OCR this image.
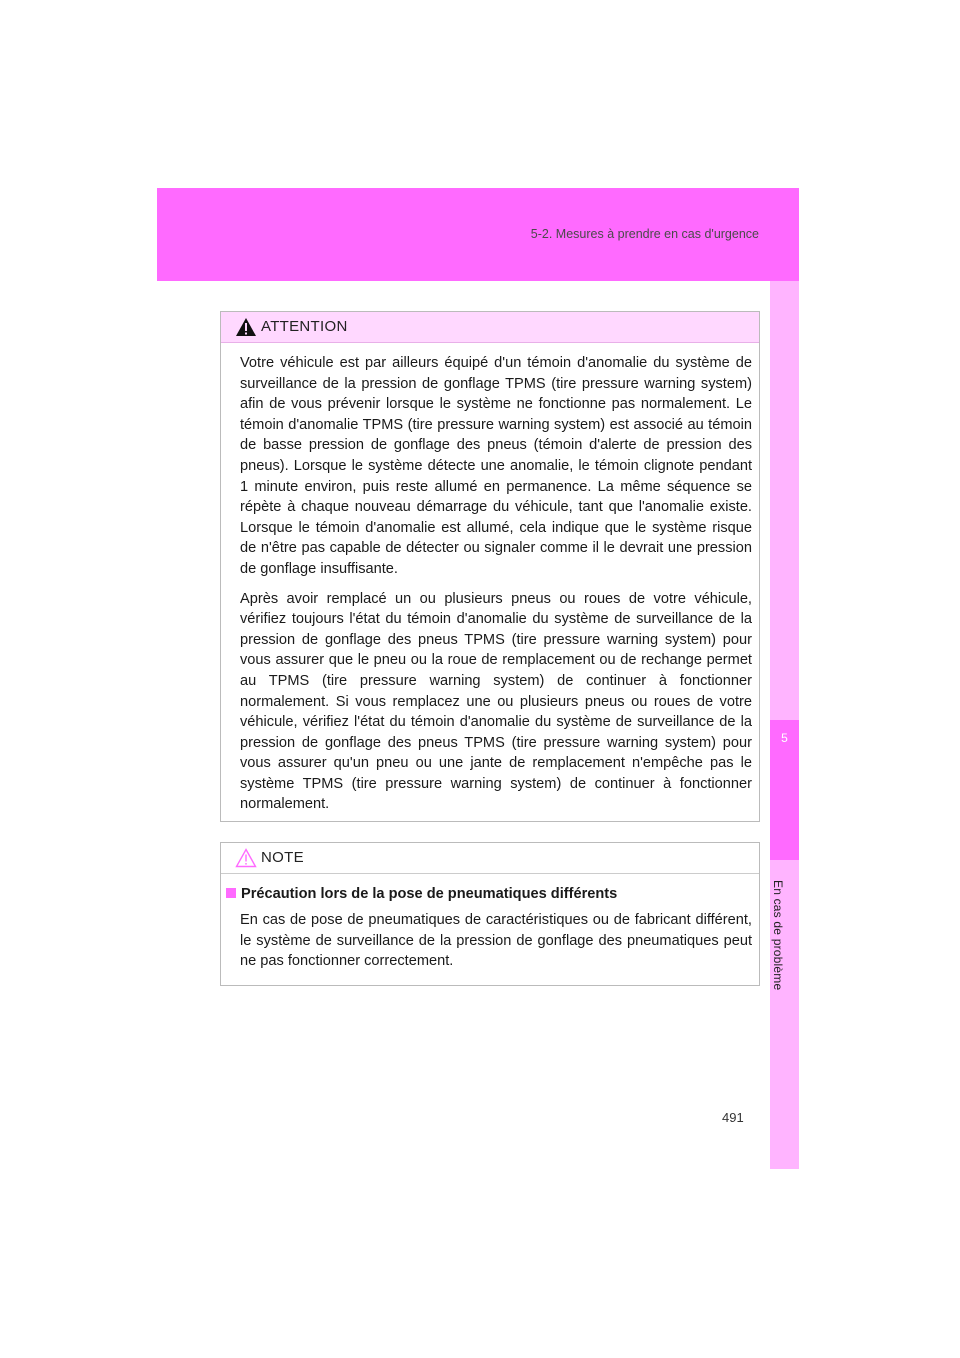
5-2. Mesures à prendre en cas d'urgence
5
En cas de problème
ATTENTION

Votre véhicule est par ailleurs équipé d'un témoin d'anomalie du système de surveillance de la pression de gonflage TPMS (tire pressure warning system) afin de vous prévenir lorsque le système ne fonctionne pas normalement. Le témoin d'anomalie TPMS (tire pressure warning system) est associé au témoin de basse pression de gonflage des pneus (témoin d'alerte de pression des pneus). Lorsque le système détecte une anomalie, le témoin clignote pendant 1 minute environ, puis reste allumé en permanence. La même séquence se répète à chaque nouveau démarrage du véhicule, tant que l'anomalie existe. Lorsque le témoin d'anomalie est allumé, cela indique que le système risque de n'être pas capable de détecter ou signaler comme il le devrait une pression de gonflage insuffisante.

Après avoir remplacé un ou plusieurs pneus ou roues de votre véhicule, vérifiez toujours l'état du témoin d'anomalie du système de surveillance de la pression de gonflage des pneus TPMS (tire pressure warning system) pour vous assurer que le pneu ou la roue de remplacement ou de rechange permet au TPMS (tire pressure warning system) de continuer à fonctionner normalement. Si vous remplacez une ou plusieurs pneus ou roues de votre véhicule, vérifiez l'état du témoin d'anomalie du système de surveillance de la pression de gonflage des pneus TPMS (tire pressure warning system) pour vous assurer qu'un pneu ou une jante de remplacement n'empêche pas le système TPMS (tire pressure warning system) de continuer à fonctionner normalement.

NOTE
Précaution lors de la pose de pneumatiques différents

En cas de pose de pneumatiques de caractéristiques ou de fabricant différent, le système de surveillance de la pression de gonflage des pneumatiques peut ne pas fonctionner correctement.

491
